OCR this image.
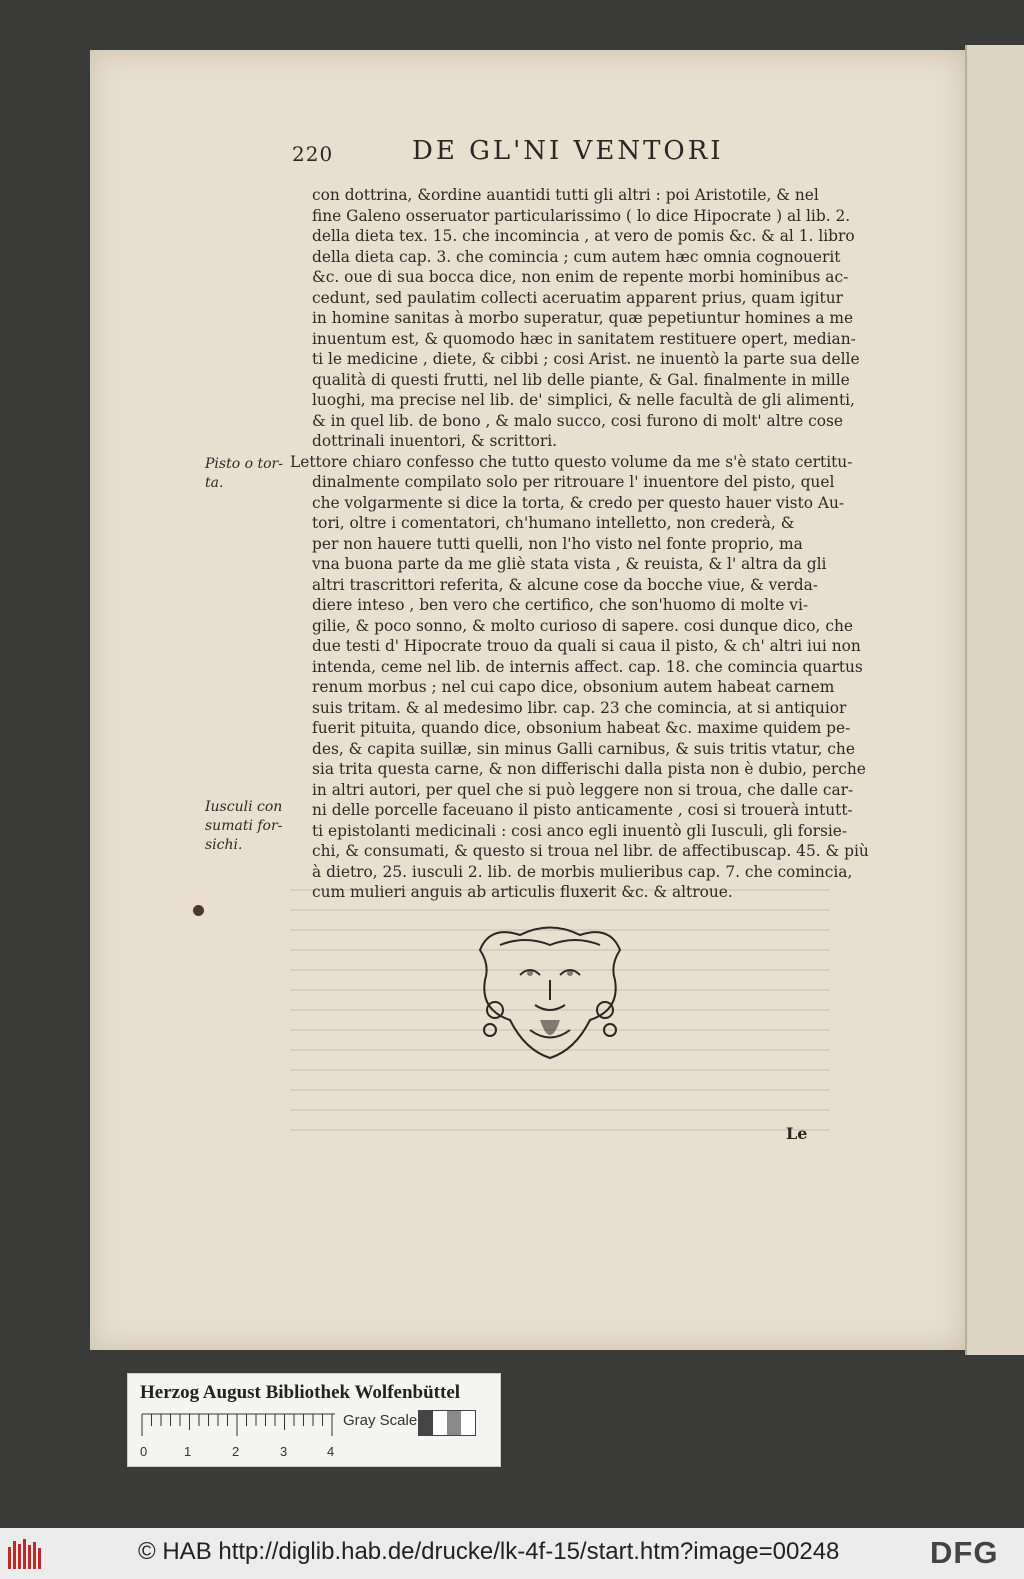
220	DE GL'NI VENTORI
con dottrina, &ordine auantidi tutti gli altri : poi Aristotile, & nel
fine Galeno osseruator particularissimo ( lo dice Hipocrate ) al lib. 2.
della dieta tex. 15. che incomincia , at vero de pomis &c. & al 1. libro
della dieta cap. 3. che comincia ; cum autem hæc omnia cognouerit
&c. oue di sua bocca dice, non enim de repente morbi hominibus ac-
cedunt, sed paulatim collecti aceruatim apparent prius, quam igitur
in homine sanitas à morbo superatur, quæ pepetiuntur homines a me
inuentum est, & quomodo hæc in sanitatem restituere opert, median-
ti le medicine , diete, & cibbi ; cosi Arist. ne inuentò la parte sua delle
qualità di questi frutti, nel lib delle piante, & Gal. finalmente in mille
luoghi, ma precise nel lib. de' simplici, & nelle facultà de gli alimenti,
& in quel lib. de bono , & malo succo, cosi furono di molt' altre cose
dottrinali inuentori, & scrittori.
Lettore chiaro confesso che tutto questo volume da me s'è stato certitu-
dinalmente compilato solo per ritrouare l' inuentore del pisto, quel
che volgarmente si dice la torta, & credo per questo hauer visto Au-
tori, oltre i comentatori, ch'humano intelletto, non crederà, &
per non hauere tutti quelli, non l'ho visto nel fonte proprio, ma
vna buona parte da me gliè stata vista , & reuista, & l' altra da gli
altri trascrittori referita, & alcune cose da bocche viue, & verda-
diere inteso , ben vero che certifico, che son'huomo di molte vi-
gilie, & poco sonno, & molto curioso di sapere. cosi dunque dico, che
due testi d' Hipocrate trouo da quali si caua il pisto, & ch' altri iui non
intenda, ceme nel lib. de internis affect. cap. 18. che comincia quartus
renum morbus ; nel cui capo dice, obsonium autem habeat carnem
suis tritam. & al medesimo libr. cap. 23 che comincia, at si antiquior
fuerit pituita, quando dice, obsonium habeat &c. maxime quidem pe-
des, & capita suillæ, sin minus Galli carnibus, & suis tritis vtatur, che
sia trita questa carne, & non differischi dalla pista non è dubio, perche
in altri autori, per quel che si può leggere non si troua, che dalle car-
ni delle porcelle faceuano il pisto anticamente , cosi si trouerà intutt-
ti epistolanti medicinali : cosi anco egli inuentò gli Iusculi, gli forsie-
chi, & consumati, & questo si troua nel libr. de affectibuscap. 45. & più
à dietro, 25. iusculi 2. lib. de morbis mulieribus cap. 7. che comincia,
cum mulieri anguis ab articulis fluxerit &c. & altroue.
Pisto o tor- ta.
Iusculi con sumati for- sichi.
Le
Herzog August Bibliothek Wolfenbüttel
0	1	2	3	4
Gray Scale
© HAB http://diglib.hab.de/drucke/lk-4f-15/start.htm?image=00248	DFG
